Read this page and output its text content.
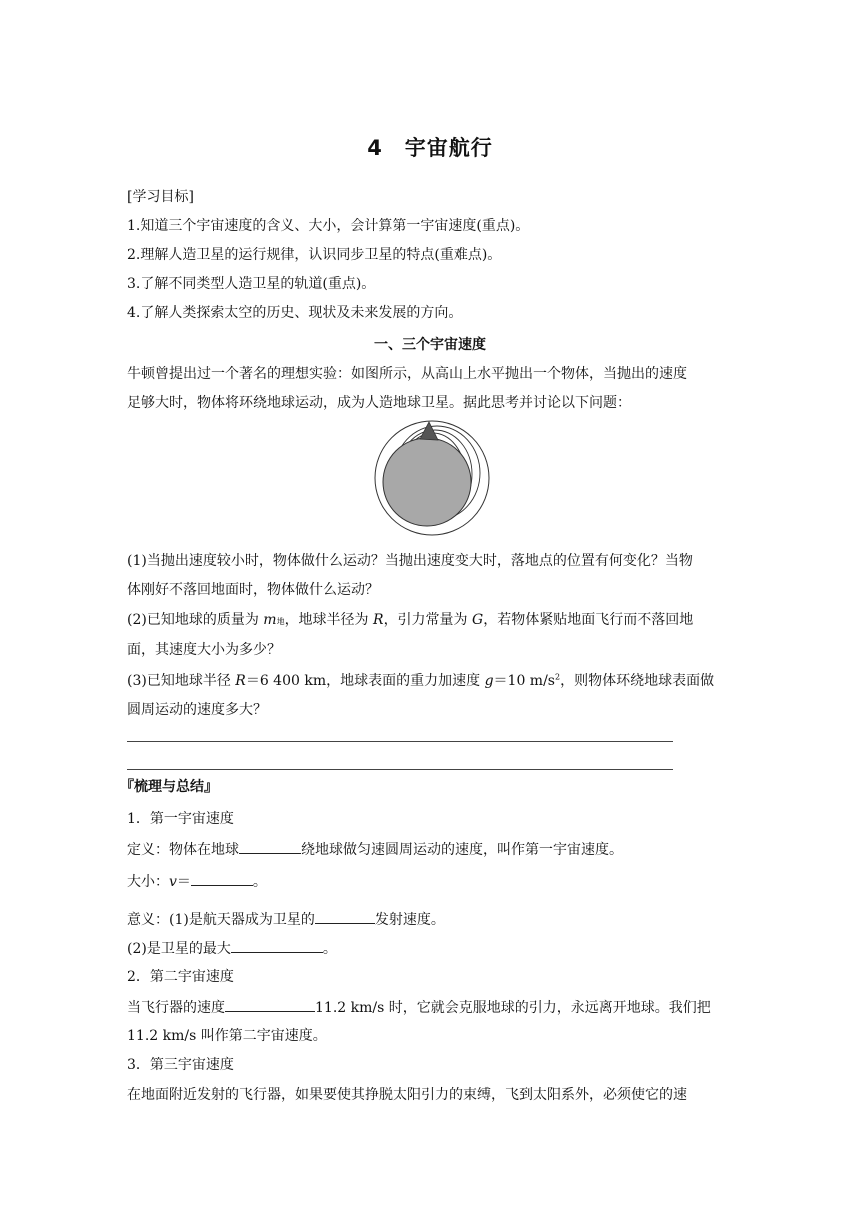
4　宇宙航行
[学习目标]
1.知道三个宇宙速度的含义、大小，会计算第一宇宙速度(重点)。
2.理解人造卫星的运行规律，认识同步卫星的特点(重难点)。
3.了解不同类型人造卫星的轨道(重点)。
4.了解人类探索太空的历史、现状及未来发展的方向。
一、三个宇宙速度
牛顿曾提出过一个著名的理想实验：如图所示，从高山上水平抛出一个物体，当抛出的速度
足够大时，物体将环绕地球运动，成为人造地球卫星。据此思考并讨论以下问题：
(1)当抛出速度较小时，物体做什么运动？当抛出速度变大时，落地点的位置有何变化？当物
体刚好不落回地面时，物体做什么运动？
(2)已知地球的质量为 m地，地球半径为 R，引力常量为 G，若物体紧贴地面飞行而不落回地
面，其速度大小为多少？
(3)已知地球半径 R＝6 400 km，地球表面的重力加速度 g＝10 $m/s^2$，则物体环绕地球表面做
圆周运动的速度多大？
『梳理与总结』
1．第一宇宙速度
定义：物体在地球	绕地球做匀速圆周运动的速度，叫作第一宇宙速度。
大小：v＝	。
意义：(1)是航天器成为卫星的	发射速度。
(2)是卫星的最大	。
2．第二宇宙速度
当飞行器的速度	11.2 km/s 时，它就会克服地球的引力，永远离开地球。我们把
11.2 km/s 叫作第二宇宙速度。
3．第三宇宙速度
在地面附近发射的飞行器，如果要使其挣脱太阳引力的束缚，飞到太阳系外，必须使它的速
